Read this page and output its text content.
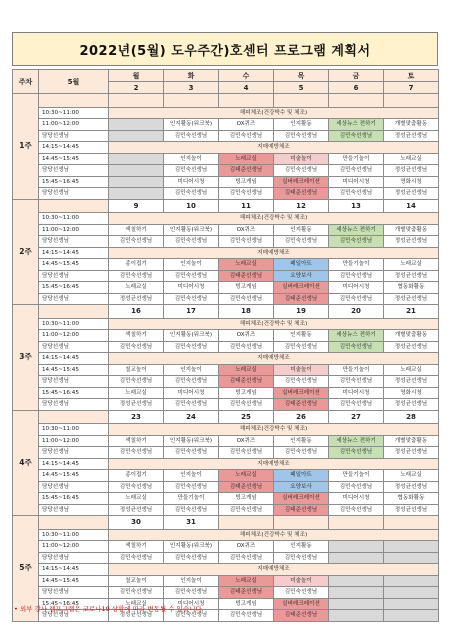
2022년(5월) 도우주간)호센터 프로그램 계획서
주차	5월	월	화	수	목	금	토
		2	3	4	5	6	7
1주							
	10:30~11:00	해피체조(건강박수 및 체조)					
	11:00~12:00		인지활동(워크북)	OX퀴즈	인지활동	세상뉴스 전하기	개별맞춤활동
	담당선생님		김민숙선생님	김민숙선생님	김민숙선생님	김민숙선생님	정성균선생님
	14:15~14:45	지매예방체조					
	14:45~15:45		인지놀이	노래교실	미술놀이	만들기놀이	노래교실
	담당선생님		김민숙선생님	김태준선생님	김민숙선생님	김민숙선생님	정성균선생님
	15:45~16:45		미디어시청	빙고게임	실버레크레이션	미디어시청	영화시청
	담당선생님		김민숙선생님	김민숙선생님	김태준선생님	김민숙선생님	정성균선생님
2주		9	10	11	12	13	14
	10:30~11:00	해피체조(건강박수 및 체조)					
	11:00~12:00	색칠하기	인지활동(워크북)	OX퀴즈	인지활동	세상뉴스 전하기	개별맞춤활동
	담당선생님	김민숙선생님	김민숙선생님	김민숙선생님	김민숙선생님	김민숙선생님	정성균선생님
	14:15~14:45	지매예방체조					
	14:45~15:45	종이접기	인지놀이	노래교실	페일아트	만들기놀이	노래교실
	담당선생님	김민숙선생님	김민숙선생님	김태준선생님	요양보사	김민숙선생님	정성균선생님
	15:45~16:45	노래교실	미디어시청	빙고게임	실버레크레이션	미디어시청	협동화활동
	담당선생님	정성균선생님	김민숙선생님	김민숙선생님	김태준선생님	김민숙선생님	정성균선생님
3주		16	17	18	19	20	21
	10:30~11:00	해피체조(건강박수 및 체조)					
	11:00~12:00	색칠하기	인지활동(워크북)	OX퀴즈	인지활동	세상뉴스 전하기	개별맞춤활동
	담당선생님	김민숙선생님	김민숙선생님	김민숙선생님	김민숙선생님	김민숙선생님	정성균선생님
	14:15~14:45	지매예방체조					
	14:45~15:45	칠교놀이	인지놀이	노래교실	미술놀이	만들기놀이	노래교실
	담당선생님	김민숙선생님	김민숙선생님	김태준선생님	김민숙선생님	김민숙선생님	정성균선생님
	15:45~16:45	노래교실	미디어시청	빙고게임	실버레크레이션	미디어시청	영화시청
	담당선생님	정성균선생님	김민숙선생님	김민숙선생님	김태준선생님	김민숙선생님	정성균선생님
4주		23	24	25	26	27	28
	10:30~11:00	해피체조(건강박수 및 체조)					
	11:00~12:00	색칠하기	인지활동(워크북)	OX퀴즈	인지활동	세상뉴스 전하기	개별맞춤활동
	담당선생님	김민숙선생님	김민숙선생님	김민숙선생님	김민숙선생님	김민숙선생님	정성균선생님
	14:15~14:45	지매예방체조					
	14:45~15:45	종이접기	인지놀이	노래교실	페일아트	만들기놀이	노래교실
	담당선생님	김민숙선생님	김민숙선생님	김태준선생님	요양보사	김민숙선생님	정성균선생님
	15:45~16:45	노래교실	만들기놀이	빙고게임	실버레크레이션	미디어시청	협동화활동
	담당선생님	정성균선생님	김민숙선생님	김민숙선생님	김태준선생님	김민숙선생님	정성균선생님
5주		30	31				
	10:30~11:00	해피체조(건강박수 및 체조)					
	11:00~12:00	색칠하기	인지활동(워크북)	OX퀴즈	인지활동		
	담당선생님	김민숙선생님	김민숙선생님	김민숙선생님	김민숙선생님		
	14:15~14:45	지매예방체조					
	14:45~15:45	칠교놀이	인지놀이	노래교실	미술놀이		
	담당선생님	김민숙선생님	김민숙선생님	김태준선생님	김민숙선생님		
	15:45~16:45	노래교실	미디어시청	빙고게임	실버레크레이션		
	담당선생님	정성균선생님	김민숙선생님	김민숙선생님	김태준선생님		
• 외부 강사 램프그램은 코로나19 상황에 따라 변동될 수 있습니다.
